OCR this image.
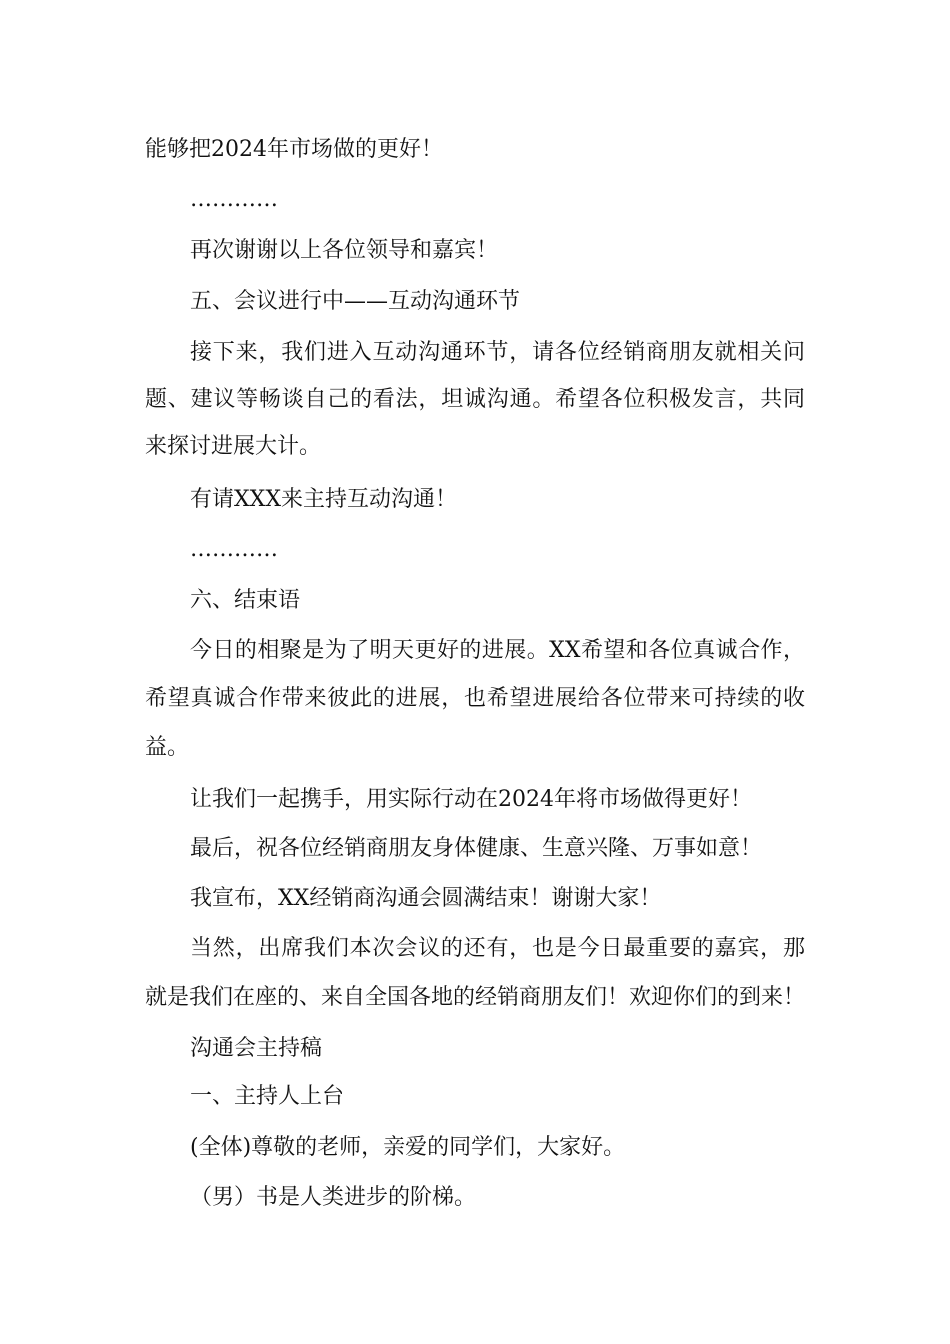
能够把2024年市场做的更好！

…………

再次谢谢以上各位领导和嘉宾！

五、会议进行中——互动沟通环节

接下来，我们进入互动沟通环节，请各位经销商朋友就相关问

题、建议等畅谈自己的看法，坦诚沟通。希望各位积极发言，共同

来探讨进展大计。

有请XXX来主持互动沟通！

…………

六、结束语

今日的相聚是为了明天更好的进展。XX希望和各位真诚合作，

希望真诚合作带来彼此的进展，也希望进展给各位带来可持续的收

益。

让我们一起携手，用实际行动在2024年将市场做得更好！

最后，祝各位经销商朋友身体健康、生意兴隆、万事如意！

我宣布，XX经销商沟通会圆满结束！谢谢大家！

当然，出席我们本次会议的还有，也是今日最重要的嘉宾，那

就是我们在座的、来自全国各地的经销商朋友们！欢迎你们的到来！

沟通会主持稿

一、主持人上台

(全体)尊敬的老师，亲爱的同学们，大家好。

（男）书是人类进步的阶梯。
